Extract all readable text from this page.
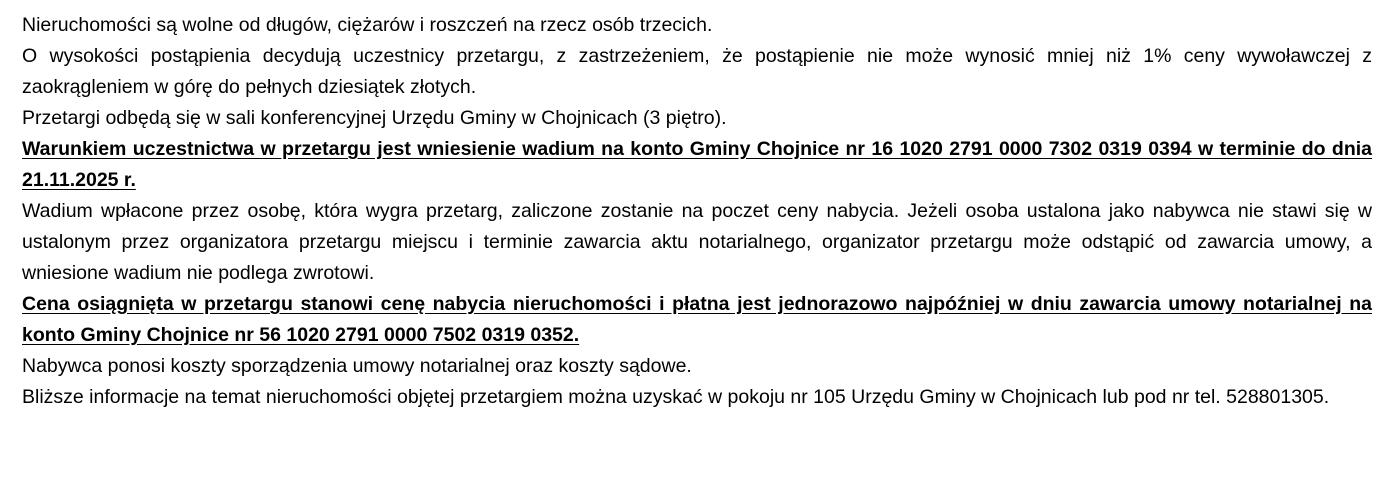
Nieruchomości są wolne od długów, ciężarów i roszczeń na rzecz osób trzecich.

O wysokości postąpienia decydują uczestnicy przetargu, z zastrzeżeniem, że postąpienie nie może wynosić mniej niż 1% ceny wywoławczej z zaokrągleniem w górę do pełnych dziesiątek złotych.

Przetargi odbędą się w sali konferencyjnej Urzędu Gminy w Chojnicach (3 piętro).

Warunkiem uczestnictwa w przetargu jest wniesienie wadium na konto Gminy Chojnice nr 16 1020 2791 0000 7302 0319 0394 w terminie do dnia 21.11.2025 r.

Wadium wpłacone przez osobę, która wygra przetarg, zaliczone zostanie na poczet ceny nabycia. Jeżeli osoba ustalona jako nabywca nie stawi się w ustalonym przez organizatora przetargu miejscu i terminie zawarcia aktu notarialnego, organizator przetargu może odstąpić od zawarcia umowy, a wniesione wadium nie podlega zwrotowi.

Cena osiągnięta w przetargu stanowi cenę nabycia nieruchomości i płatna jest jednorazowo najpóźniej w dniu zawarcia umowy notarialnej na konto Gminy Chojnice nr 56 1020 2791 0000 7502 0319 0352.

Nabywca ponosi koszty sporządzenia umowy notarialnej oraz koszty sądowe.

Bliższe informacje na temat nieruchomości objętej przetargiem można uzyskać w pokoju nr 105 Urzędu Gminy w Chojnicach lub pod nr tel. 528801305.
